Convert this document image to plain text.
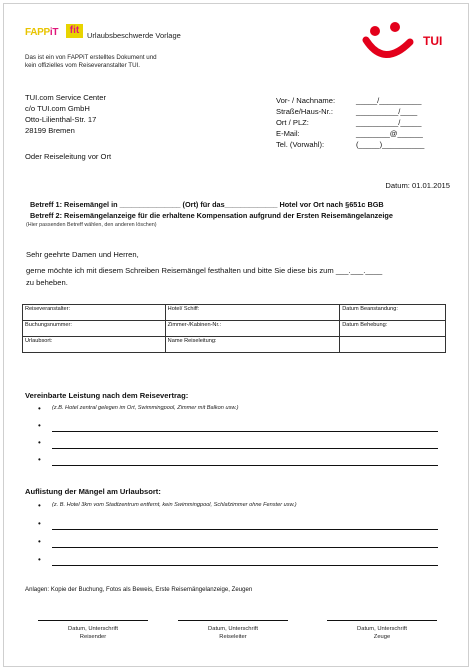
FAPPiT	fit	Urlaubsbeschwerde Vorlage
Das ist ein von FAPPiT erstelltes Dokument und
kein offizielles vom Reiseveranstalter TUI.
TUI
TUI.com Service Center
c/o TUI.com GmbH
Otto-Lilienthal-Str. 17
28199 Bremen
Oder Reiseleitung vor Ort
Vor- / Nachname:	_____/__________
Straße/Haus-Nr.:	__________/____
Ort / PLZ:	__________/_____
E-Mail:	________@______
Tel. (Vorwahl):	(_____)__________
Datum: 01.01.2015
Betreff 1: Reisemängel in _______________ (Ort) für das_____________ Hotel vor Ort nach §651c BGB
Betreff 2: Reisemängelanzeige für die erhaltene Kompensation aufgrund der Ersten Reisemängelanzeige
(Hier passenden Betreff wählen, den anderen löschen)
Sehr geehrte Damen und Herren,
gerne möchte ich mit diesem Schreiben Reisemängel festhalten und bitte Sie diese bis zum ___.___.____
zu beheben.
Reiseveranstalter:	Hotel/ Schiff:	Datum Beanstandung:
Buchungsnummer:	Zimmer-/Kabinen-Nr.:	Datum Behebung:
Urlaubsort:	Name Reiseleitung:	
Vereinbarte Leistung nach dem Reisevertrag:
• (z.B. Hotel zentral gelegen im Ort, Swimmingpool, Zimmer mit Balkon usw.)
•
•
•
Auflistung der Mängel am Urlaubsort:
• (z. B. Hotel 3km vom Stadtzentrum entfernt, kein Swimmingpool, Schlafzimmer ohne Fenster usw.)
•
•
•
Anlagen: Kopie der Buchung, Fotos als Beweis, Erste Reisemängelanzeige, Zeugen
Datum, Unterschrift
Reisender
Datum, Unterschrift
Reiseleiter
Datum, Unterschrift
Zeuge
